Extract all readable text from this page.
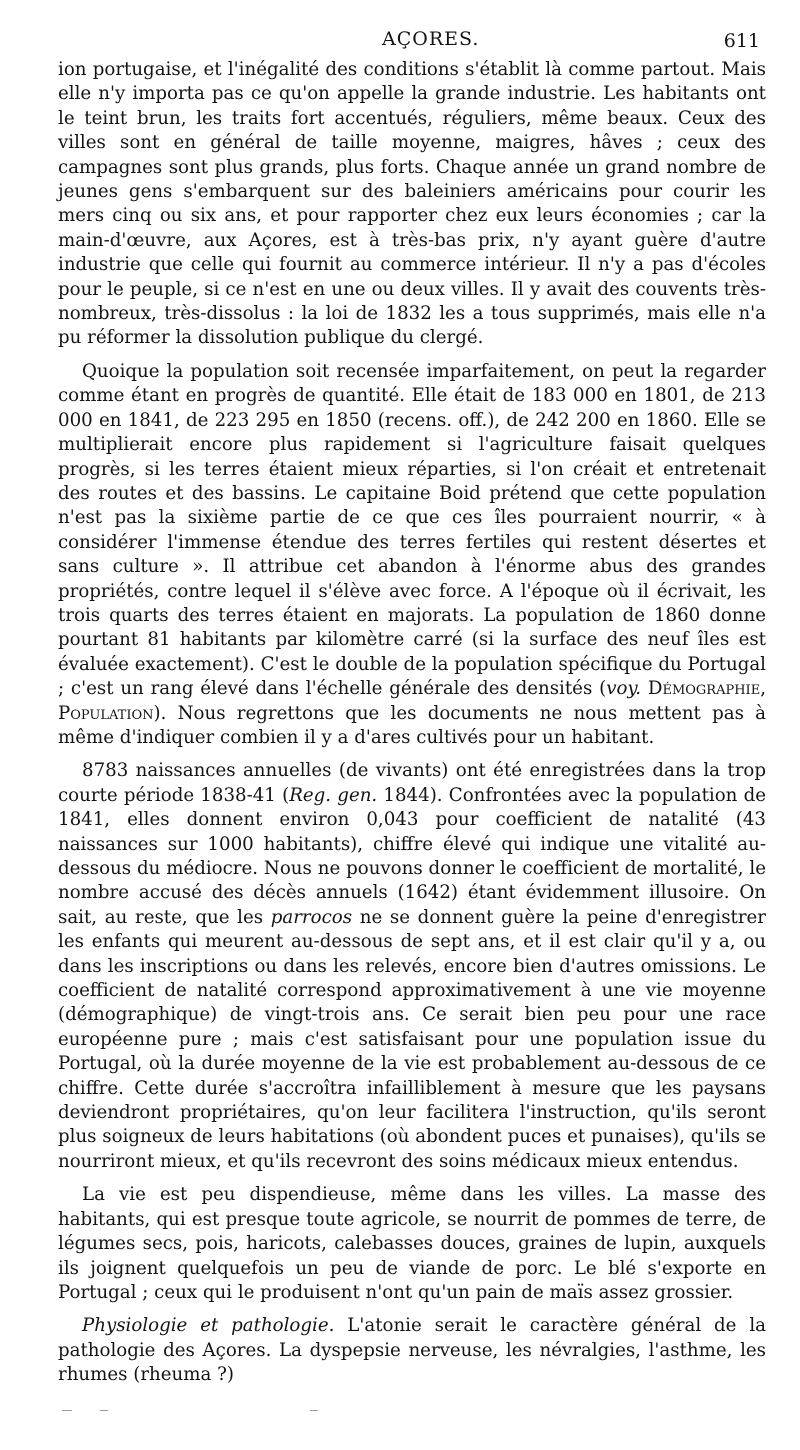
AÇORES.	611

ion portugaise, et l'inégalité des conditions s'établit là comme partout. Mais elle n'y importa pas ce qu'on appelle la grande industrie. Les habitants ont le teint brun, les traits fort accentués, réguliers, même beaux. Ceux des villes sont en général de taille moyenne, maigres, hâves ; ceux des campagnes sont plus grands, plus forts. Chaque année un grand nombre de jeunes gens s'embarquent sur des baleiniers américains pour courir les mers cinq ou six ans, et pour rapporter chez eux leurs économies ; car la main-d'œuvre, aux Açores, est à très-bas prix, n'y ayant guère d'autre industrie que celle qui fournit au commerce intérieur. Il n'y a pas d'écoles pour le peuple, si ce n'est en une ou deux villes. Il y avait des couvents très-nombreux, très-dissolus : la loi de 1832 les a tous supprimés, mais elle n'a pu réformer la dissolution publique du clergé.

Quoique la population soit recensée imparfaitement, on peut la regarder comme étant en progrès de quantité. Elle était de 183 000 en 1801, de 213 000 en 1841, de 223 295 en 1850 (recens. off.), de 242 200 en 1860. Elle se multiplierait encore plus rapidement si l'agriculture faisait quelques progrès, si les terres étaient mieux réparties, si l'on créait et entretenait des routes et des bassins. Le capitaine Boid prétend que cette population n'est pas la sixième partie de ce que ces îles pourraient nourrir, « à considérer l'immense étendue des terres fertiles qui restent désertes et sans culture ». Il attribue cet abandon à l'énorme abus des grandes propriétés, contre lequel il s'élève avec force. A l'époque où il écrivait, les trois quarts des terres étaient en majorats. La population de 1860 donne pourtant 81 habitants par kilomètre carré (si la surface des neuf îles est évaluée exactement). C'est le double de la population spécifique du Portugal ; c'est un rang élevé dans l'échelle générale des densités (voy. Démographie, Population). Nous regrettons que les documents ne nous mettent pas à même d'indiquer combien il y a d'ares cultivés pour un habitant.

8783 naissances annuelles (de vivants) ont été enregistrées dans la trop courte période 1838-41 (Reg. gen. 1844). Confrontées avec la population de 1841, elles donnent environ 0,043 pour coefficient de natalité (43 naissances sur 1000 habitants), chiffre élevé qui indique une vitalité au-dessous du médiocre. Nous ne pouvons donner le coefficient de mortalité, le nombre accusé des décès annuels (1642) étant évidemment illusoire. On sait, au reste, que les parrocos ne se donnent guère la peine d'enregistrer les enfants qui meurent au-dessous de sept ans, et il est clair qu'il y a, ou dans les inscriptions ou dans les relevés, encore bien d'autres omissions. Le coefficient de natalité correspond approximativement à une vie moyenne (démographique) de vingt-trois ans. Ce serait bien peu pour une race européenne pure ; mais c'est satisfaisant pour une population issue du Portugal, où la durée moyenne de la vie est probablement au-dessous de ce chiffre. Cette durée s'accroîtra infailliblement à mesure que les paysans deviendront propriétaires, qu'on leur facilitera l'instruction, qu'ils seront plus soigneux de leurs habitations (où abondent puces et punaises), qu'ils se nourriront mieux, et qu'ils recevront des soins médicaux mieux entendus.

La vie est peu dispendieuse, même dans les villes. La masse des habitants, qui est presque toute agricole, se nourrit de pommes de terre, de légumes secs, pois, haricots, calebasses douces, graines de lupin, auxquels ils joignent quelquefois un peu de viande de porc. Le blé s'exporte en Portugal ; ceux qui le produisent n'ont qu'un pain de maïs assez grossier.

Physiologie et pathologie. L'atonie serait le caractère général de la pathologie des Açores. La dyspepsie nerveuse, les névralgies, l'asthme, les rhumes (rheuma ?)
